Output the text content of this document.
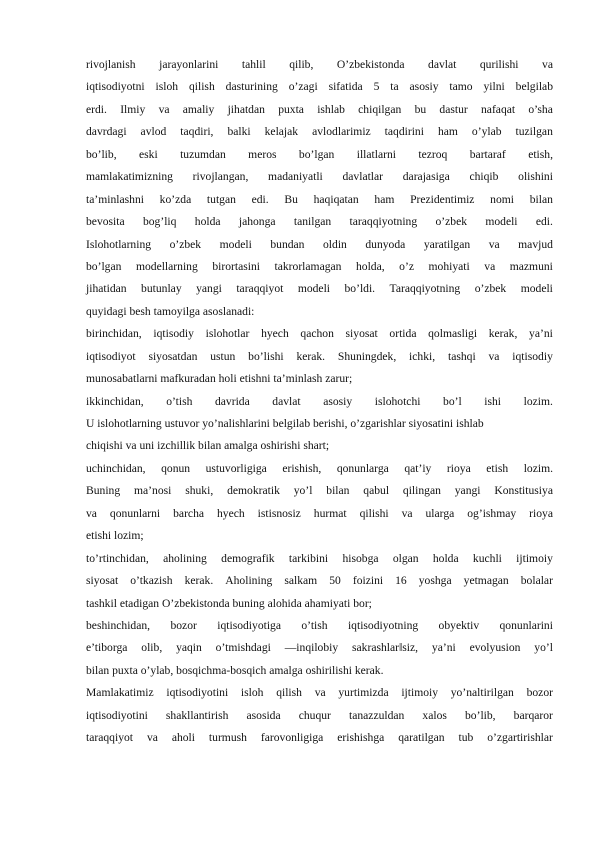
rivojlanish jarayonlarini tahlil qilib, O’zbekistonda davlat qurilishi va
iqtisodiyotni isloh qilish dasturining o’zagi sifatida 5 ta asosiy tamo yilni belgilab
erdi. Ilmiy va amaliy jihatdan puxta ishlab chiqilgan bu dastur nafaqat o’sha
davrdagi avlod taqdiri, balki kelajak avlodlarimiz taqdirini ham o’ylab tuzilgan
bo’lib, eski tuzumdan meros bo’lgan illatlarni tezroq bartaraf etish,
mamlakatimizning rivojlangan, madaniyatli davlatlar darajasiga chiqib olishini
ta’minlashni ko’zda tutgan edi. Bu haqiqatan ham Prezidentimiz nomi bilan
bevosita bog’liq holda jahonga tanilgan taraqqiyotning o’zbek modeli edi.
Islohotlarning o’zbek modeli bundan oldin dunyoda yaratilgan va mavjud
bo’lgan modellarning birortasini takrorlamagan holda, o’z mohiyati va mazmuni
jihatidan butunlay yangi taraqqiyot modeli bo’ldi. Taraqqiyotning o’zbek modeli
quyidagi besh tamoyilga asoslanadi:
birinchidan, iqtisodiy islohotlar hyech qachon siyosat ortida qolmasligi kerak, ya’ni
iqtisodiyot siyosatdan ustun bo’lishi kerak. Shuningdek, ichki, tashqi va iqtisodiy
munosabatlarni mafkuradan holi etishni ta’minlash zarur;
ikkinchidan, o’tish davrida davlat asosiy islohotchi bo’l ishi lozim.
U islohotlarning ustuvor yo’nalishlarini belgilab berishi, o’zgarishlar siyosatini ishlab
chiqishi va uni izchillik bilan amalga oshirishi shart;
uchinchidan, qonun ustuvorligiga erishish, qonunlarga qat’iy rioya etish lozim.
Buning ma’nosi shuki, demokratik yo’l bilan qabul qilingan yangi Konstitusiya
va qonunlarni barcha hyech istisnosiz hurmat qilishi va ularga og’ishmay rioya
etishi lozim;
to’rtinchidan, aholining demografik tarkibini hisobga olgan holda kuchli ijtimoiy
siyosat o’tkazish kerak. Aholining salkam 50 foizini 16 yoshga yetmagan bolalar
tashkil etadigan O’zbekistonda buning alohida ahamiyati bor;
beshinchidan, bozor iqtisodiyotiga o’tish iqtisodiyotning obyektiv qonunlarini
e’tiborga olib, yaqin o’tmishdagi —inqilobiy sakrashlar‖siz, ya’ni evolyusion yo’l
bilan puxta o’ylab, bosqichma-bosqich amalga oshirilishi kerak.
Mamlakatimiz iqtisodiyotini isloh qilish va yurtimizda ijtimoiy yo’naltirilgan bozor
iqtisodiyotini shakllantirish asosida chuqur tanazzuldan xalos bo’lib, barqaror
taraqqiyot va aholi turmush farovonligiga erishishga qaratilgan tub o’zgartirishlar
